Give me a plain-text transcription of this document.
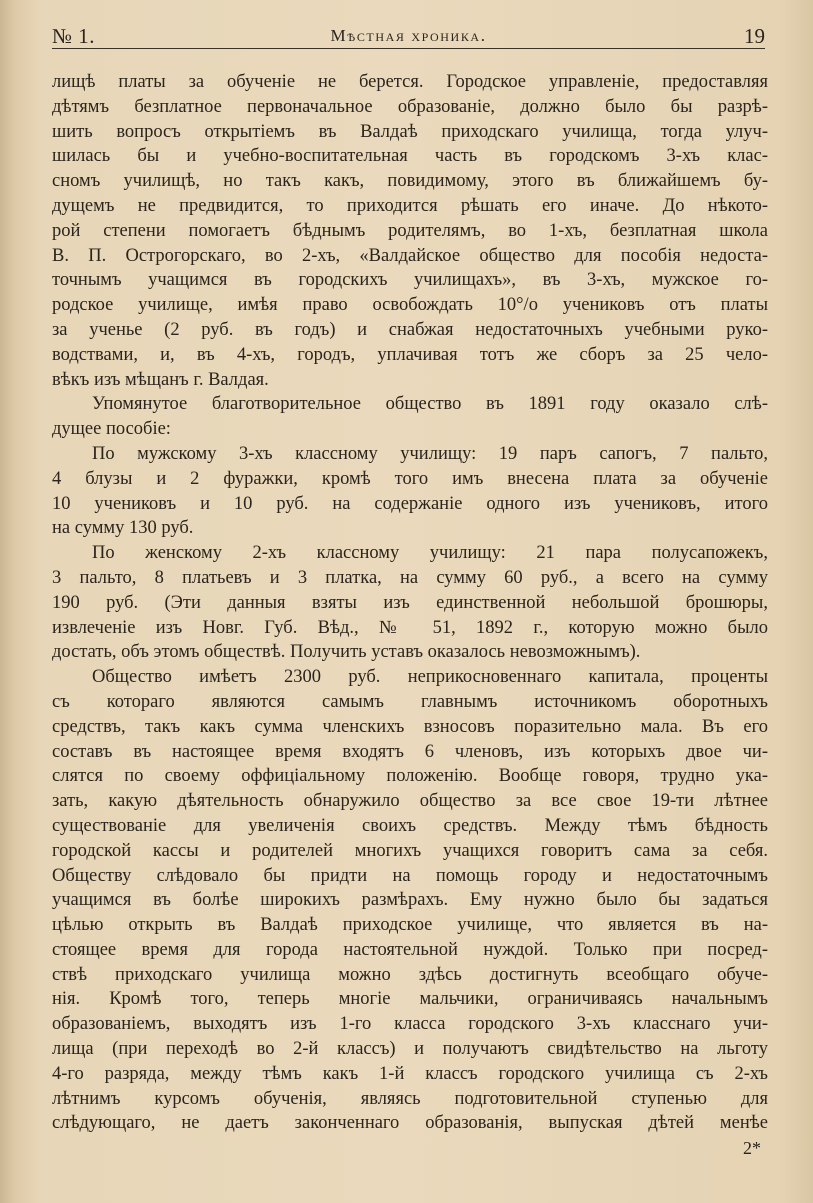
№ 1.	Мѣстная хроника.	19
лищѣ платы за обученіе не берется. Городское управленіе, предоставляя
дѣтямъ безплатное первоначальное образованіе, должно было бы разрѣ-
шить вопросъ открытіемъ въ Валдаѣ приходскаго училища, тогда улуч-
шилась бы и учебно-воспитательная часть въ городскомъ 3-хъ клас-
сномъ училищѣ, но такъ какъ, повидимому, этого въ ближайшемъ бу-
дущемъ не предвидится, то приходится рѣшать его иначе. До нѣкото-
рой степени помогаетъ бѣднымъ родителямъ, во 1-хъ, безплатная школа
В. П. Острогорскаго, во 2-хъ, «Валдайское общество для пособія недоста-
точнымъ учащимся въ городскихъ училищахъ», въ 3-хъ, мужское го-
родское училище, имѣя право освобождать 10°/о учениковъ отъ платы
за ученье (2 руб. въ годъ) и снабжая недостаточныхъ учебными руко-
водствами, и, въ 4-хъ, городъ, уплачивая тотъ же сборъ за 25 чело-
вѣкъ изъ мѣщанъ г. Валдая.
Упомянутое благотворительное общество въ 1891 году оказало слѣ-
дущее пособіе:
По мужскому 3-хъ классному училищу: 19 паръ сапогъ, 7 пальто,
4 блузы и 2 фуражки, кромѣ того имъ внесена плата за обученіе
10 учениковъ и 10 руб. на содержаніе одного изъ учениковъ, итого
на сумму 130 руб.
По женскому 2-хъ классному училищу: 21 пара полусапожекъ,
3 пальто, 8 платьевъ и 3 платка, на сумму 60 руб., а всего на сумму
190 руб. (Эти данныя взяты изъ единственной небольшой брошюры,
извлеченіе изъ Новг. Губ. Вѣд., № 51, 1892 г., которую можно было
достать, объ этомъ обществѣ. Получить уставъ оказалось невозможнымъ).
Общество имѣетъ 2300 руб. неприкосновеннаго капитала, проценты
съ котораго являются самымъ главнымъ источникомъ оборотныхъ
средствъ, такъ какъ сумма членскихъ взносовъ поразительно мала. Въ его
составъ въ настоящее время входятъ 6 членовъ, изъ которыхъ двое чи-
слятся по своему оффиціальному положенію. Вообще говоря, трудно ука-
зать, какую дѣятельность обнаружило общество за все свое 19-ти лѣтнее
существованіе для увеличенія своихъ средствъ. Между тѣмъ бѣдность
городской кассы и родителей многихъ учащихся говоритъ сама за себя.
Обществу слѣдовало бы придти на помощь городу и недостаточнымъ
учащимся въ болѣе широкихъ размѣрахъ. Ему нужно было бы задаться
цѣлью открыть въ Валдаѣ приходское училище, что является въ на-
стоящее время для города настоятельной нуждой. Только при посред-
ствѣ приходскаго училища можно здѣсь достигнуть всеобщаго обуче-
нія. Кромѣ того, теперь многіе мальчики, ограничиваясь начальнымъ
образованіемъ, выходятъ изъ 1-го класса городского 3-хъ класснаго учи-
лища (при переходѣ во 2-й классъ) и получаютъ свидѣтельство на льготу
4-го разряда, между тѣмъ какъ 1-й классъ городского училища съ 2-хъ
лѣтнимъ курсомъ обученія, являясь подготовительной ступенью для
слѣдующаго, не даетъ законченнаго образованія, выпуская дѣтей менѣе
2*
